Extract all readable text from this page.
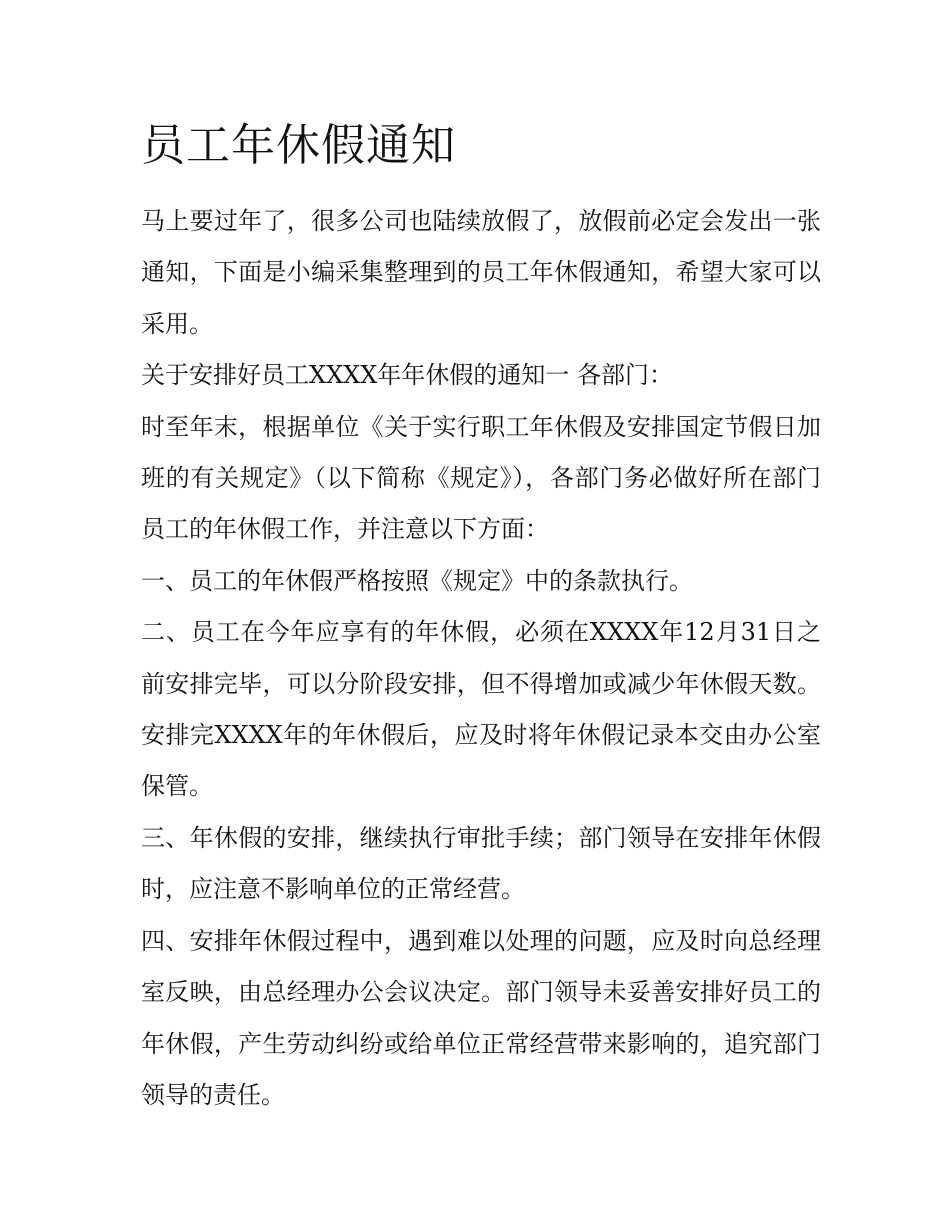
员工年休假通知

马上要过年了，很多公司也陆续放假了，放假前必定会发出一张通知，下面是小编采集整理到的员工年休假通知，希望大家可以采用。

关于安排好员工XXXX年年休假的通知一 各部门：

时至年末，根据单位《关于实行职工年休假及安排国定节假日加班的有关规定》（以下简称《规定》），各部门务必做好所在部门员工的年休假工作，并注意以下方面：

一、员工的年休假严格按照《规定》中的条款执行。

二、员工在今年应享有的年休假，必须在XXXX年12月31日之前安排完毕，可以分阶段安排，但不得增加或减少年休假天数。安排完XXXX年的年休假后，应及时将年休假记录本交由办公室保管。

三、年休假的安排，继续执行审批手续；部门领导在安排年休假时，应注意不影响单位的正常经营。

四、安排年休假过程中，遇到难以处理的问题，应及时向总经理室反映，由总经理办公会议决定。部门领导未妥善安排好员工的年休假，产生劳动纠纷或给单位正常经营带来影响的，追究部门领导的责任。
